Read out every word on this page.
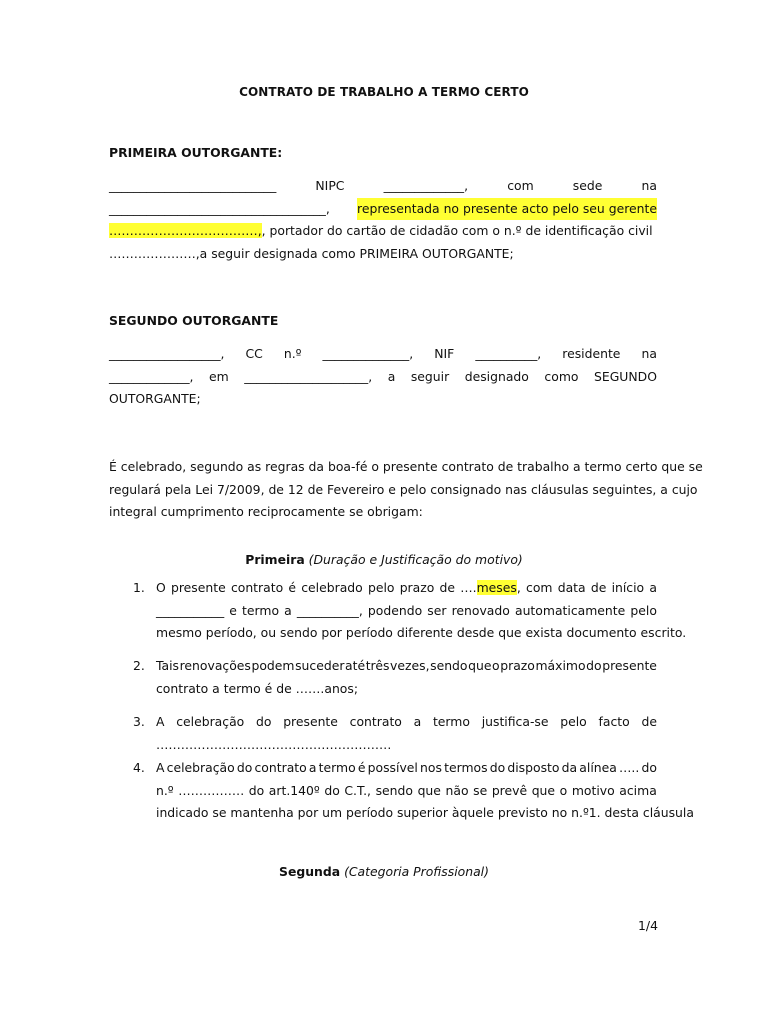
CONTRATO DE TRABALHO A TERMO CERTO
PRIMEIRA OUTORGANTE:
___________________________	NIPC	_____________,	com	sede	na
___________________________________, representada no presente acto pelo seu gerente
………………………………,, portador do cartão de cidadão com o n.º de identificação civil
…………………,a seguir designada como PRIMEIRA OUTORGANTE;
SEGUNDO OUTORGANTE
__________________, CC n.º ______________, NIF __________, residente na
_____________, em ____________________, a seguir designado como SEGUNDO
OUTORGANTE;
É celebrado, segundo as regras da boa-fé o presente contrato de trabalho a termo certo que se
regulará pela Lei 7/2009, de 12 de Fevereiro e pelo consignado nas cláusulas seguintes, a cujo
integral cumprimento reciprocamente se obrigam:
Primeira (Duração e Justificação do motivo)
1. O presente contrato é celebrado pelo prazo de ….meses, com data de início a
___________ e termo a __________, podendo ser renovado automaticamente pelo
mesmo período, ou sendo por período diferente desde que exista documento escrito.
2. Tais renovações podem suceder até três vezes, sendo que o prazo máximo do presente
contrato a termo é de …….anos;
3. A celebração do presente contrato a termo justifica-se pelo facto de
…………………………………………………
4. A celebração do contrato a termo é possível nos termos do disposto da alínea ….. do
n.º ……………. do art.140º do C.T., sendo que não se prevê que o motivo acima
indicado se mantenha por um período superior àquele previsto no n.º1. desta cláusula
Segunda (Categoria Profissional)
1/4
